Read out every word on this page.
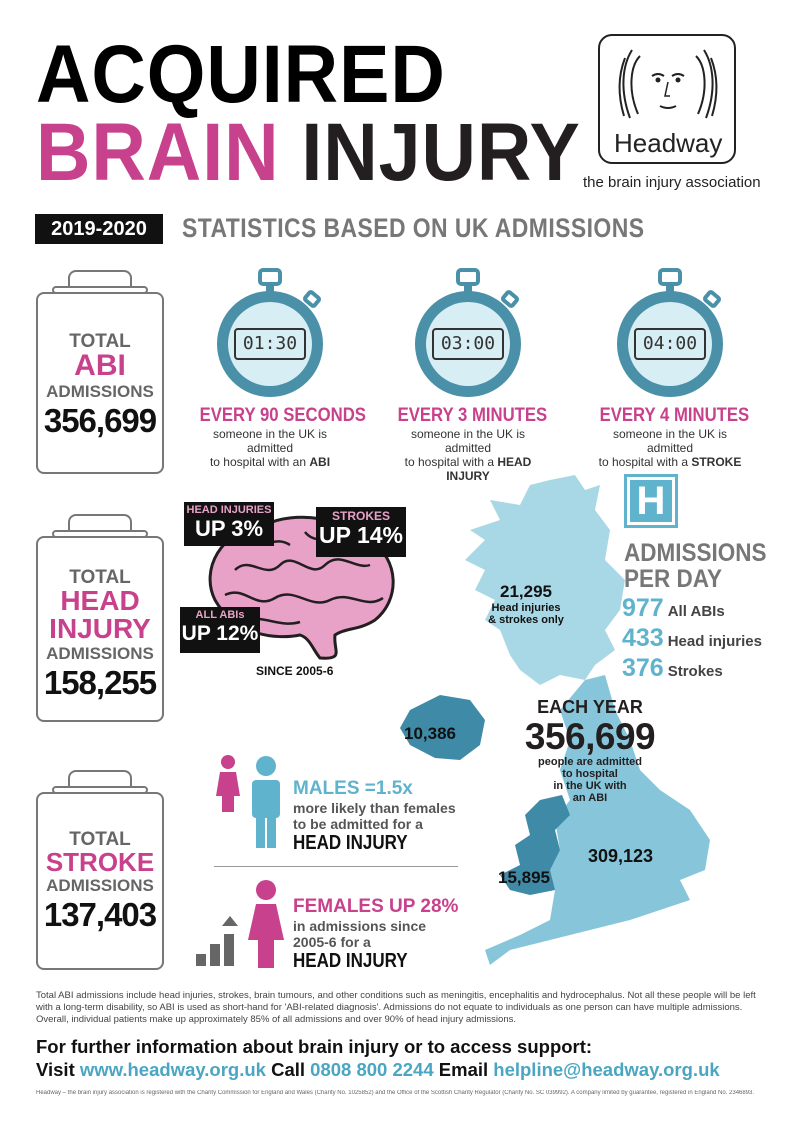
ACQUIRED
BRAIN INJURY Headway
the brain injury association
2019-2020	STATISTICS BASED ON UK ADMISSIONS
TOTAL
ABI
ADMISSIONS
356,699
TOTAL
HEAD
INJURY
ADMISSIONS
158,255
TOTAL
STROKE
ADMISSIONS
137,403
01:30
EVERY 90 SECONDS
someone in the UK is admitted
to hospital with an ABI
03:00
EVERY 3 MINUTES
someone in the UK is admitted
to hospital with a HEAD INJURY
04:00
EVERY 4 MINUTES
someone in the UK is admitted
to hospital with a STROKE
HEAD INJURIES
UP 3%	STROKES
UP 14%
ALL ABIs
UP 12%
SINCE 2005-6
21,295
Head injuries
& strokes only
10,386
15,895
309,123
EACH YEAR
356,699
people are admitted
to hospital
in the UK with
an ABI
H
ADMISSIONS
PER DAY
977 All ABIs
433 Head injuries
376 Strokes
MALES =1.5x
more likely than females
to be admitted for a
HEAD INJURY
FEMALES UP 28%
in admissions since
2005-6 for a
HEAD INJURY
Total ABI admissions include head injuries, strokes, brain tumours, and other conditions such as meningitis, encephalitis and hydrocephalus. Not all these people will be left with a long-term disability, so ABI is used as short-hand for 'ABI-related diagnosis'. Admissions do not equate to individuals as one person can have multiple admissions. Overall, individual patients make up approximately 85% of all admissions and over 90% of head injury admissions.
For further information about brain injury or to access support:
Visit www.headway.org.uk Call 0808 800 2244 Email helpline@headway.org.uk
Headway – the brain injury association is registered with the Charity Commission for England and Wales (Charity No. 1025852) and the Office of the Scottish Charity Regulator (Charity No. SC 039992). A company limited by guarantee, registered in England No. 2346893.
